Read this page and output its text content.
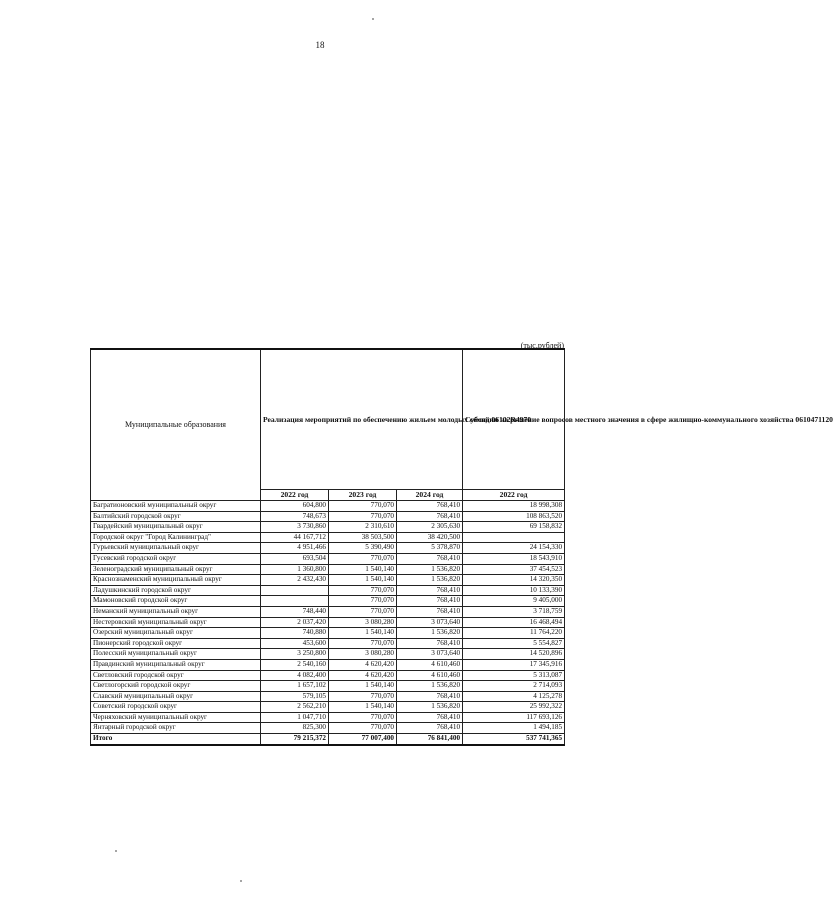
18
(тыс.рублей)
Муниципальные образования	Реализация мероприятий по обеспечению жильем молодых семей 06102R4970			Субсидии на решение вопросов местного значения в сфере жилищно-коммунального хозяйства 0610471120
	2022 год	2023 год	2024 год	2022 год
Багратионовский муниципальный округ	604,800	770,070	768,410	18 998,308
Балтийский городской округ	748,673	770,070	768,410	108 863,520
Гвардейский муниципальный округ	3 730,860	2 310,610	2 305,630	69 158,832
Городской округ "Город Калининград"	44 167,712	38 503,500	38 420,500	
Гурьевский муниципальный округ	4 951,466	5 390,490	5 378,870	24 154,330
Гусевский городской округ	693,504	770,070	768,410	18 543,910
Зеленоградский муниципальный округ	1 360,800	1 540,140	1 536,820	37 454,523
Краснознаменский муниципальный округ	2 432,430	1 540,140	1 536,820	14 320,350
Ладушкинский городской округ		770,070	768,410	10 133,390
Мамоновский городской округ		770,070	768,410	9 405,000
Неманский муниципальный округ	748,440	770,070	768,410	3 718,759
Нестеровский муниципальный округ	2 037,420	3 080,280	3 073,640	16 468,494
Озерский муниципальный округ	740,880	1 540,140	1 536,820	11 764,220
Пионерский городской округ	453,600	770,070	768,410	5 554,827
Полесский муниципальный округ	3 250,800	3 080,280	3 073,640	14 520,896
Правдинский муниципальный округ	2 540,160	4 620,420	4 610,460	17 345,916
Светловский городской округ	4 082,400	4 620,420	4 610,460	5 313,087
Светлогорский городской округ	1 657,102	1 540,140	1 536,820	2 714,093
Славский муниципальный округ	579,105	770,070	768,410	4 125,278
Советский городской округ	2 562,210	1 540,140	1 536,820	25 992,322
Черняховский муниципальный округ	1 047,710	770,070	768,410	117 693,126
Янтарный городской округ	825,300	770,070	768,410	1 494,185
Итого	79 215,372	77 007,400	76 841,400	537 741,365
